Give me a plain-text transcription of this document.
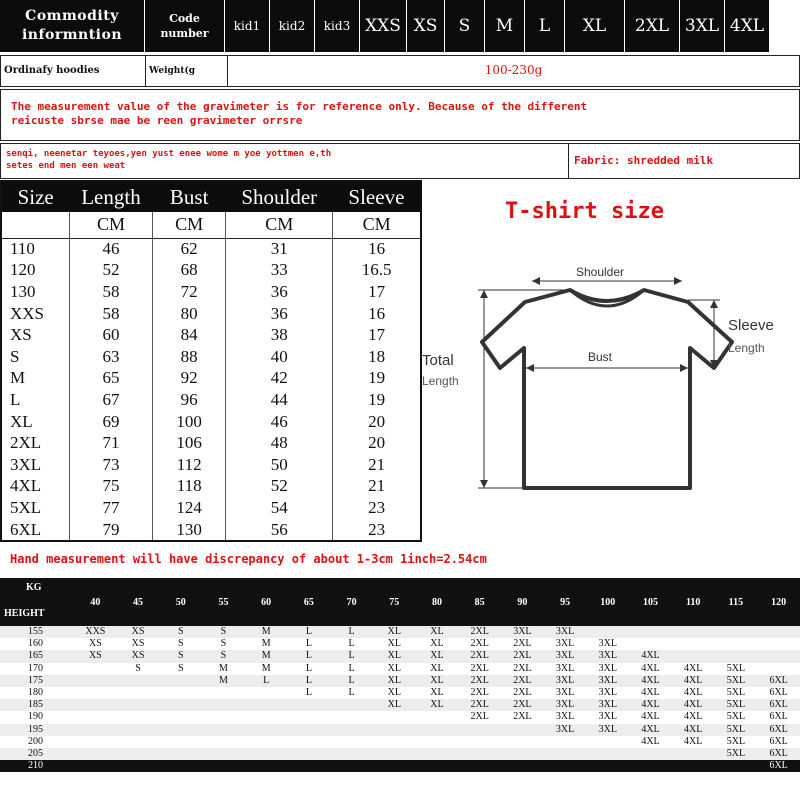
Commodity informntion
Code number
kid1	kid2	kid3 XXS XS	S	M	L	XL	2XL 3XL 4XL
Ordinafy hoodies	Weight(g	100-230g
The measurement value of the gravimeter is for reference only. Because of the different
reicuste sbrse mae be reen gravimeter orrsre
senqi, neenetar teyoes,yen yust enee wome m yoe yottmen e,th
setes end men een weat	Fabric: shredded milk
Size	Length	Bust	Shoulder	Sleeve
	CM	CM	CM	CM
110	46	62	31	16
120	52	68	33	16.5
130	58	72	36	17
XXS	58	80	36	16
XS	60	84	38	17
S	63	88	40	18
M	65	92	42	19
L	67	96	44	19
XL	69	100	46	20
2XL	71	106	48	20
3XL	73	112	50	21
4XL	75	118	52	21
5XL	77	124	54	23
6XL	79	130	56	23
T-shirt size
Shoulder
Bust
Sleeve
Length
Total
Length
Hand measurement will have discrepancy of about 1-3cm 1inch=2.54cm
KG
HEIGHT	40	45	50	55	60	65	70	75	80	85	90	95	100	105	110	115	120
155	XXS	XS	S	S	M	L	L	XL	XL	2XL	3XL	3XL					
160	XS	XS	S	S	M	L	L	XL	XL	2XL	2XL	3XL	3XL				
165	XS	XS	S	S	M	L	L	XL	XL	2XL	2XL	3XL	3XL	4XL			
170		S	S	M	M	L	L	XL	XL	2XL	2XL	3XL	3XL	4XL	4XL	5XL	
175				M	L	L	L	XL	XL	2XL	2XL	3XL	3XL	4XL	4XL	5XL	6XL
180						L	L	XL	XL	2XL	2XL	3XL	3XL	4XL	4XL	5XL	6XL
185								XL	XL	2XL	2XL	3XL	3XL	4XL	4XL	5XL	6XL
190										2XL	2XL	3XL	3XL	4XL	4XL	5XL	6XL
195												3XL	3XL	4XL	4XL	5XL	6XL
200														4XL	4XL	5XL	6XL
205																5XL	6XL
210																	6XL
